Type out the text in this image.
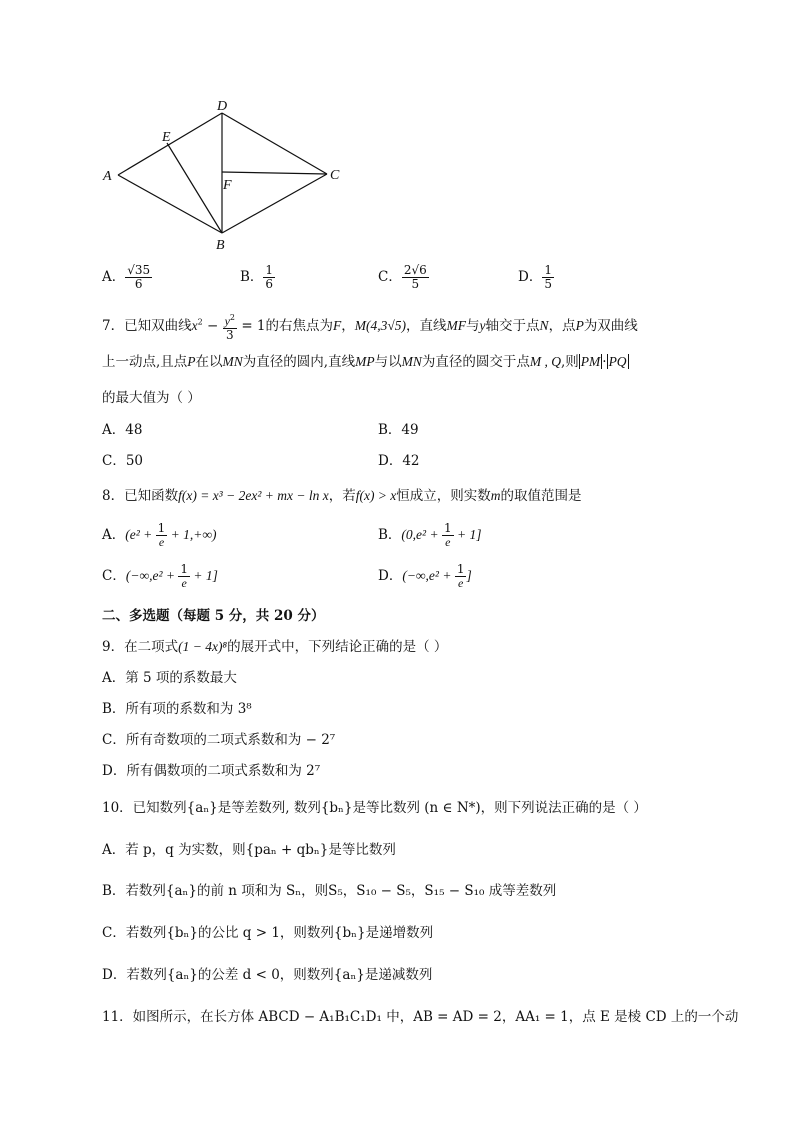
D
E
A
F
C
B
A． $\frac{√35}{6}$	B． $\frac{1}{6}$	C． $\frac{2√6}{5}$	D． $\frac{1}{5}$
7．已知双曲线$x^2 - \frac{y^2}{3} = 1$的右焦点为F，M(4,3√5)，直线MF与y轴交于点N，点P为双曲线
上一动点,且点P在以MN为直径的圆内,直线MP与以MN为直径的圆交于点M , Q,则 PM · PQ
的最大值为（ ）
A．48	B．49
C．50	D．42
8．已知函数f(x) = x³ − 2ex² + mx − ln x，若f(x) > x恒成立，则实数m的取值范围是
A．$(e^2 + \frac{1}{e} + 1,+\infty)$	B．$(0,e^2 + \frac{1}{e} + 1]$
C．$(-\infty,e^2 + \frac{1}{e} + 1]$	D．($-\infty,e^2 + \frac{1}{e}$ ]
二、多选题（每题 5 分，共 20 分）
9．在二项式(1 − 4x)⁸的展开式中，下列结论正确的是（ ）
A．第 5 项的系数最大
B．所有项的系数和为 3⁸
C．所有奇数项的二项式系数和为 − 2⁷
D．所有偶数项的二项式系数和为 2⁷
10．已知数列{aₙ}是等差数列, 数列{bₙ}是等比数列 (n ∈ N*)，则下列说法正确的是（ ）
A．若 p，q 为实数，则{paₙ + qbₙ}是等比数列
B．若数列{aₙ}的前 n 项和为 Sₙ，则S₅，S₁₀ − S₅，S₁₅ − S₁₀ 成等差数列
C．若数列{bₙ}的公比 q > 1，则数列{bₙ}是递增数列
D．若数列{aₙ}的公差 d < 0，则数列{aₙ}是递减数列
11．如图所示，在长方体 ABCD − A₁B₁C₁D₁ 中，AB = AD = 2，AA₁ = 1，点 E 是棱 CD 上的一个动
